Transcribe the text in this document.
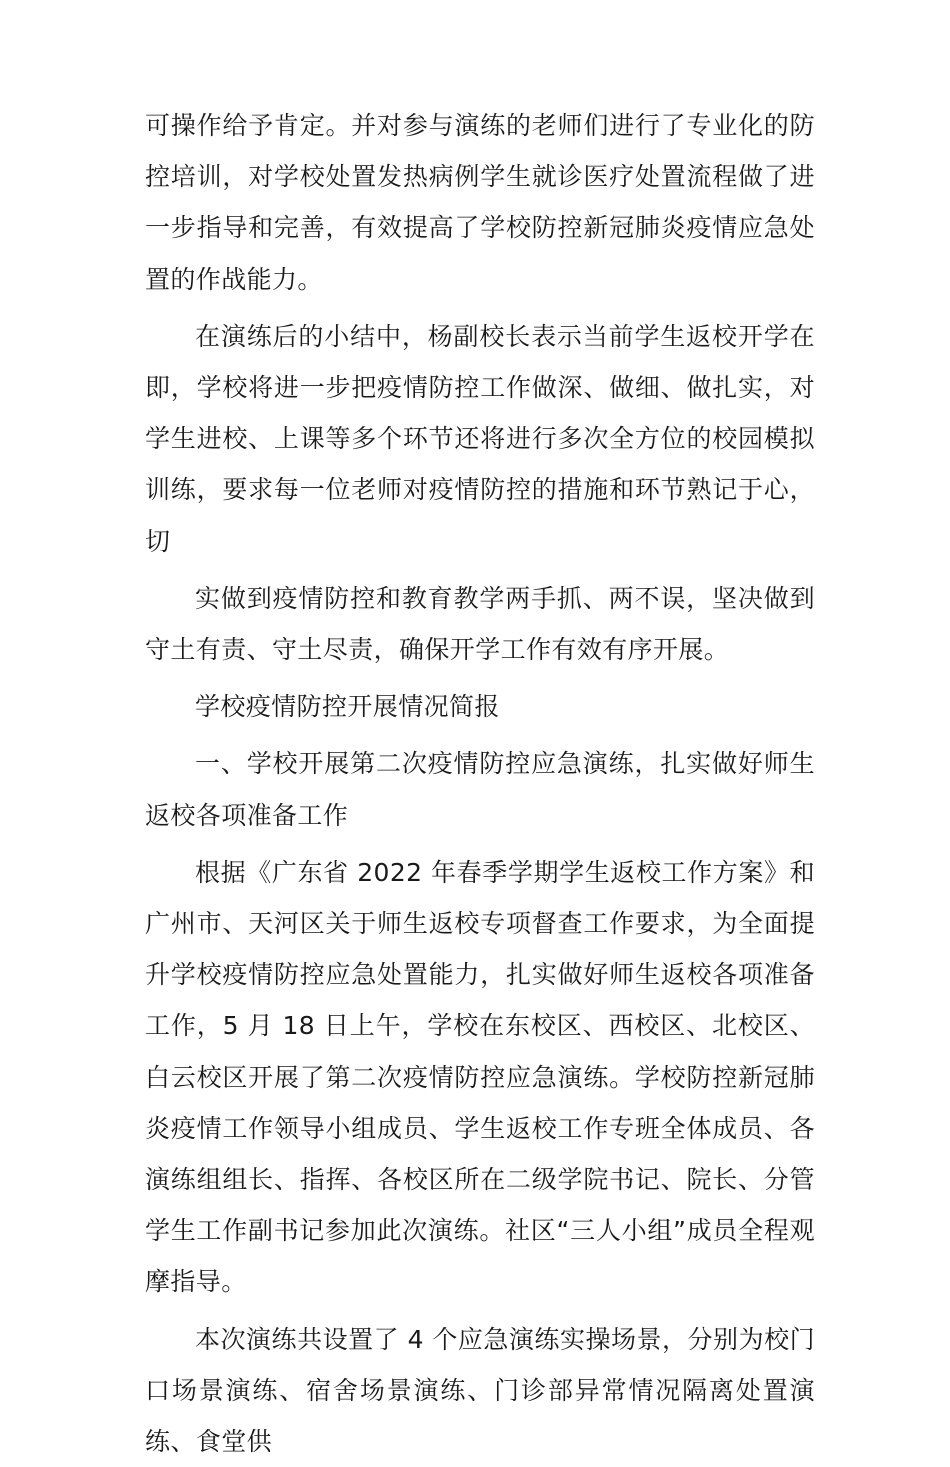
可操作给予肯定。并对参与演练的老师们进行了专业化的防控培训，对学校处置发热病例学生就诊医疗处置流程做了进一步指导和完善，有效提高了学校防控新冠肺炎疫情应急处置的作战能力。

在演练后的小结中，杨副校长表示当前学生返校开学在即，学校将进一步把疫情防控工作做深、做细、做扎实，对学生进校、上课等多个环节还将进行多次全方位的校园模拟训练，要求每一位老师对疫情防控的措施和环节熟记于心，切

实做到疫情防控和教育教学两手抓、两不误，坚决做到守土有责、守土尽责，确保开学工作有效有序开展。

学校疫情防控开展情况简报

一、学校开展第二次疫情防控应急演练，扎实做好师生返校各项准备工作

根据《广东省 2022 年春季学期学生返校工作方案》和广州市、天河区关于师生返校专项督查工作要求，为全面提升学校疫情防控应急处置能力，扎实做好师生返校各项准备工作，5 月 18 日上午，学校在东校区、西校区、北校区、白云校区开展了第二次疫情防控应急演练。学校防控新冠肺炎疫情工作领导小组成员、学生返校工作专班全体成员、各演练组组长、指挥、各校区所在二级学院书记、院长、分管学生工作副书记参加此次演练。社区“三人小组”成员全程观摩指导。

本次演练共设置了 4 个应急演练实操场景，分别为校门口场景演练、宿舍场景演练、门诊部异常情况隔离处置演练、食堂供
